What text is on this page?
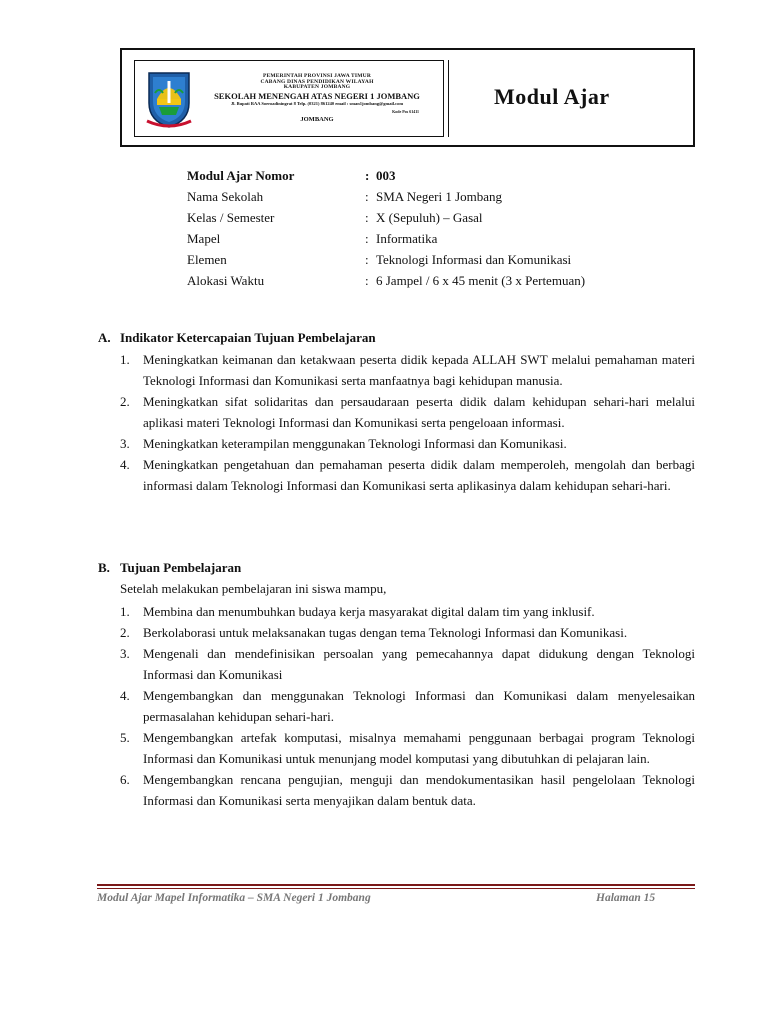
PEMERINTAH PROVINSI JAWA TIMUR
CABANG DINAS PENDIDIKAN WILAYAH
KABUPATEN JOMBANG
SEKOLAH MENENGAH ATAS NEGERI 1 JOMBANG
Jl. Bupati RAA Soeroadiningrat 8 Telp. (0321) 861240 email : sman1jombang@gmail.com
JOMBANG
Kode Pos 61411
Modul Ajar
Modul Ajar Nomor	: 003
Nama Sekolah	: SMA Negeri 1 Jombang
Kelas / Semester	: X (Sepuluh) – Gasal
Mapel	: Informatika
Elemen	: Teknologi Informasi dan Komunikasi
Alokasi Waktu	: 6 Jampel / 6 x 45 menit (3 x Pertemuan)
A. Indikator Ketercapaian Tujuan Pembelajaran
1. Meningkatkan keimanan dan ketakwaan peserta didik kepada ALLAH SWT melalui pemahaman materi Teknologi Informasi dan Komunikasi serta manfaatnya bagi kehidupan manusia.
2. Meningkatkan sifat solidaritas dan persaudaraan peserta didik dalam kehidupan sehari-hari melalui aplikasi materi Teknologi Informasi dan Komunikasi serta pengeloaan informasi.
3. Meningkatkan keterampilan menggunakan Teknologi Informasi dan Komunikasi.
4. Meningkatkan pengetahuan dan pemahaman peserta didik dalam memperoleh, mengolah dan berbagi informasi dalam Teknologi Informasi dan Komunikasi serta aplikasinya dalam kehidupan sehari-hari.
B. Tujuan Pembelajaran
Setelah melakukan pembelajaran ini siswa mampu,
1. Membina dan menumbuhkan budaya kerja masyarakat digital dalam tim yang inklusif.
2. Berkolaborasi untuk melaksanakan tugas dengan tema Teknologi Informasi dan Komunikasi.
3. Mengenali dan mendefinisikan persoalan yang pemecahannya dapat didukung dengan Teknologi Informasi dan Komunikasi
4. Mengembangkan dan menggunakan Teknologi Informasi dan Komunikasi dalam menyelesaikan permasalahan kehidupan sehari-hari.
5. Mengembangkan artefak komputasi, misalnya memahami penggunaan berbagai program Teknologi Informasi dan Komunikasi untuk menunjang model komputasi yang dibutuhkan di pelajaran lain.
6. Mengembangkan rencana pengujian, menguji dan mendokumentasikan hasil pengelolaan Teknologi Informasi dan Komunikasi serta menyajikan dalam bentuk data.
Modul Ajar Mapel Informatika – SMA Negeri 1 Jombang	Halaman 15
